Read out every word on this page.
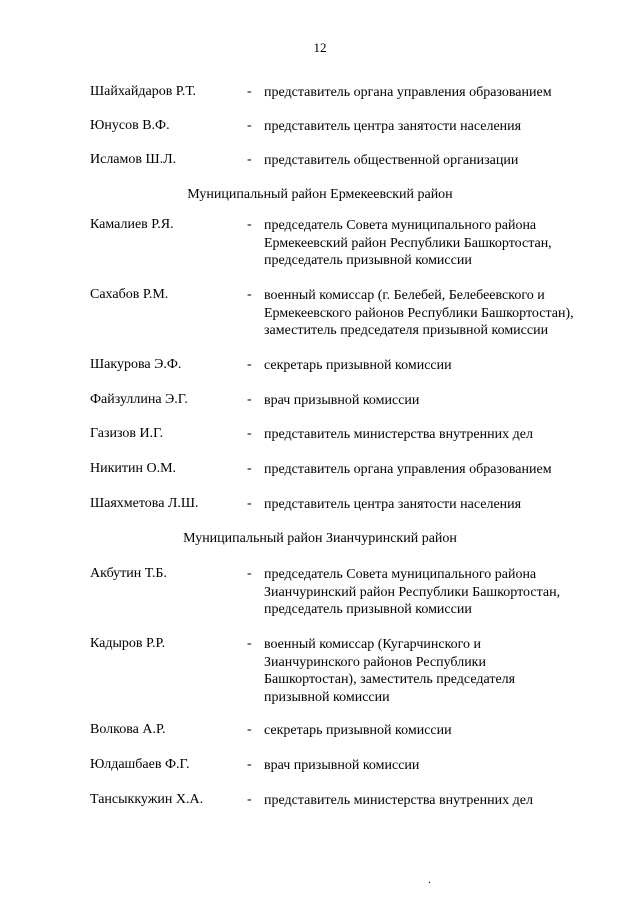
12
Шайхайдаров Р.Т.	- представитель органа управления образованием
Юнусов В.Ф.	- представитель центра занятости населения
Исламов Ш.Л.	- представитель общественной организации
Муниципальный район Ермекеевский район
Камалиев Р.Я.	- председатель Совета муниципального района
Ермекеевский район Республики Башкортостан,
председатель призывной комиссии
Сахабов Р.М.	- военный комиссар (г. Белебей, Белебеевского и
Ермекеевского районов Республики Башкортостан),
заместитель председателя призывной комиссии
Шакурова Э.Ф.	- секретарь призывной комиссии
Файзуллина Э.Г.	- врач призывной комиссии
Газизов И.Г.	- представитель министерства внутренних дел
Никитин О.М.	- представитель органа управления образованием
Шаяхметова Л.Ш.	- представитель центра занятости населения
Муниципальный район Зианчуринский район
Акбутин Т.Б.	- председатель Совета муниципального района
Зианчуринский район Республики Башкортостан,
председатель призывной комиссии
Кадыров Р.Р.	- военный комиссар (Кугарчинского и
Зианчуринского районов Республики
Башкортостан), заместитель председателя
призывной комиссии
Волкова А.Р.	- секретарь призывной комиссии
Юлдашбаев Ф.Г.	- врач призывной комиссии
Тансыккужин Х.А.	- представитель министерства внутренних дел
.
